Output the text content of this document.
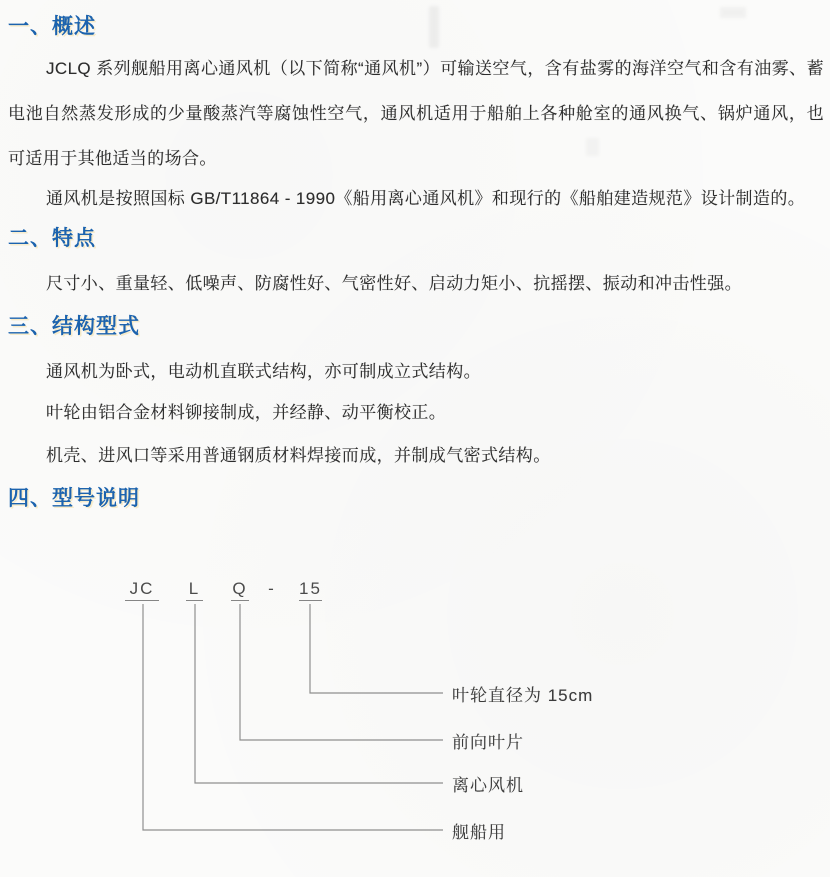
一、概述
JCLQ 系列舰船用离心通风机（以下简称“通风机”）可输送空气，含有盐雾的海洋空气和含有油雾、蓄电池自然蒸发形成的少量酸蒸汽等腐蚀性空气，通风机适用于船舶上各种舱室的通风换气、锅炉通风，也可适用于其他适当的场合。
通风机是按照国标 GB/T11864 - 1990《船用离心通风机》和现行的《船舶建造规范》设计制造的。
二、特点
尺寸小、重量轻、低噪声、防腐性好、气密性好、启动力矩小、抗摇摆、振动和冲击性强。
三、结构型式
通风机为卧式，电动机直联式结构，亦可制成立式结构。
叶轮由铝合金材料铆接制成，并经静、动平衡校正。
机壳、进风口等采用普通钢质材料焊接而成，并制成气密式结构。
四、型号说明
JC L Q - 15
叶轮直径为 15cm
前向叶片
离心风机
舰船用
